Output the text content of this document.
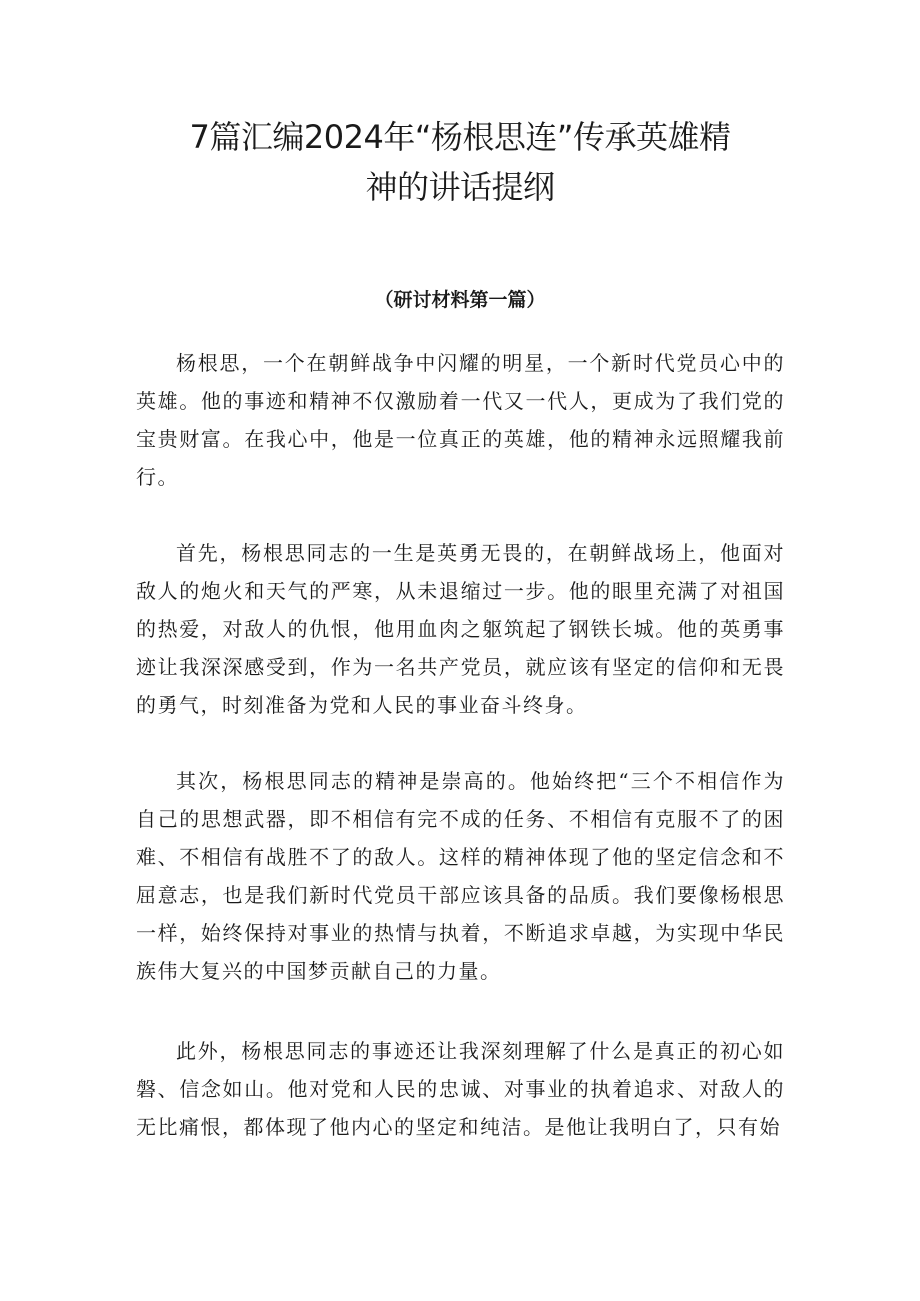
7篇汇编2024年“杨根思连”传承英雄精
神的讲话提纲
（研讨材料第一篇）

杨根思，一个在朝鲜战争中闪耀的明星，一个新时代党员心中的英雄。他的事迹和精神不仅激励着一代又一代人，更成为了我们党的宝贵财富。在我心中，他是一位真正的英雄，他的精神永远照耀我前行。

首先，杨根思同志的一生是英勇无畏的，在朝鲜战场上，他面对敌人的炮火和天气的严寒，从未退缩过一步。他的眼里充满了对祖国的热爱，对敌人的仇恨，他用血肉之躯筑起了钢铁长城。他的英勇事迹让我深深感受到，作为一名共产党员，就应该有坚定的信仰和无畏的勇气，时刻准备为党和人民的事业奋斗终身。

其次，杨根思同志的精神是崇高的。他始终把“三个不相信作为自己的思想武器，即不相信有完不成的任务、不相信有克服不了的困难、不相信有战胜不了的敌人。这样的精神体现了他的坚定信念和不屈意志，也是我们新时代党员干部应该具备的品质。我们要像杨根思一样，始终保持对事业的热情与执着，不断追求卓越，为实现中华民族伟大复兴的中国梦贡献自己的力量。

此外，杨根思同志的事迹还让我深刻理解了什么是真正的初心如磐、信念如山。他对党和人民的忠诚、对事业的执着追求、对敌人的无比痛恨，都体现了他内心的坚定和纯洁。是他让我明白了，只有始
